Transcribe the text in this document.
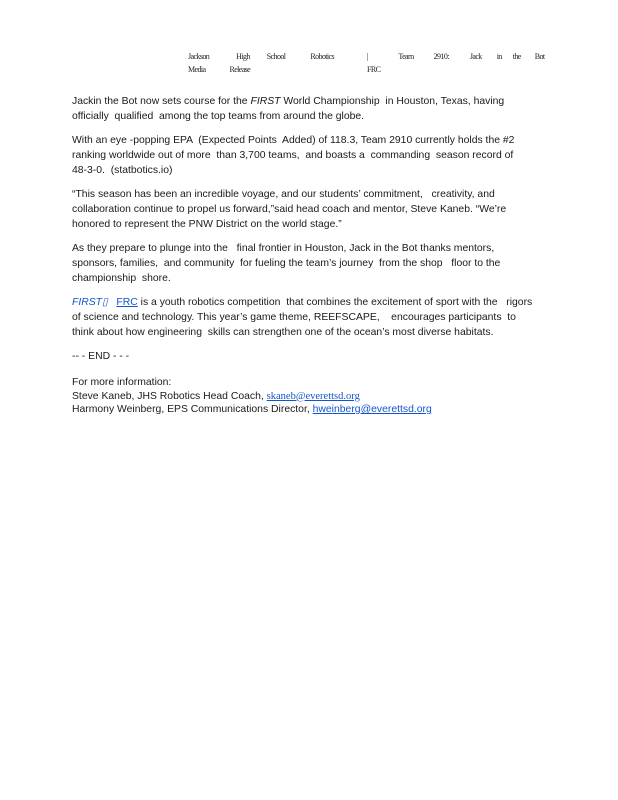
Jackson	High School	Robotics	| FRC
Team	2910:	Jack in the Bot
Media	Release
Jackin the Bot now sets course for the FIRST World Championship  in Houston, Texas, having
officially  qualified  among the top teams from around the globe.
With an eye -popping EPA  (Expected Points  Added) of 118.3, Team 2910 currently holds the #2
ranking worldwide out of more  than 3,700 teams,  and boasts a  commanding  season record of
48-3-0.  (statbotics.io)
“This season has been an incredible voyage, and our students’ commitment,   creativity, and
collaboration continue to propel us forward,”said head coach and mentor, Steve Kaneb. “We’re
honored to represent the PNW District on the world stage.”
As they prepare to plunge into the   final frontier in Houston, Jack in the Bot thanks mentors,
sponsors, families,  and community  for fueling the team’s journey  from the shop   floor to the
championship  shore.
FIRST▯ FRC is a youth robotics competition  that combines the excitement of sport with the   rigors
of science and technology. This year’s game theme, REEFSCAPE,    encourages participants  to
think about how engineering  skills can strengthen one of the ocean’s most diverse habitats.
-- - END - - -
For more information:
Steve Kaneb, JHS Robotics Head Coach, skaneb@everettsd.org
Harmony Weinberg, EPS Communications Director, hweinberg@everettsd.org
